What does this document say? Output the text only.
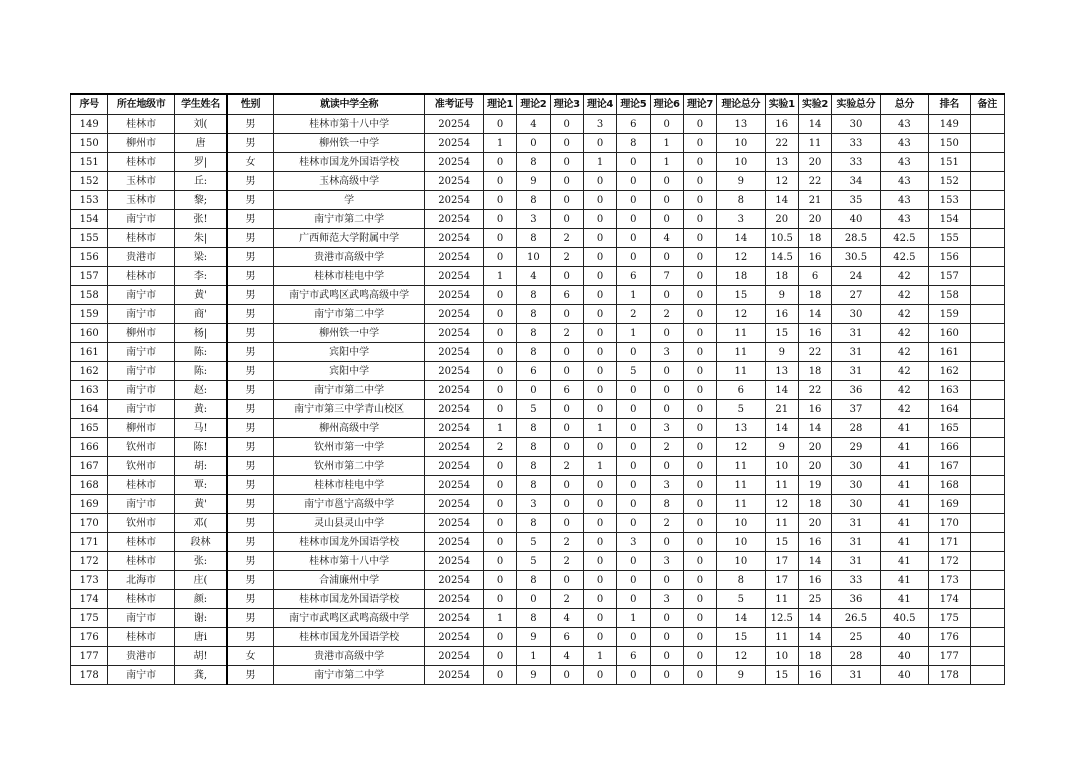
序号	所在地级市	学生姓名	性别	就读中学全称	准考证号	理论1	理论2	理论3	理论4	理论5	理论6	理论7	理论总分	实验1	实验2	实验总分	总分	排名	备注
149	桂林市	刘(	男	桂林市第十八中学	20254	0	4	0	3	6	0	0	13	16	14	30	43	149	
150	柳州市	唐	男	柳州铁一中学	20254	1	0	0	0	8	1	0	10	22	11	33	43	150	
151	桂林市	罗|	女	桂林市国龙外国语学校	20254	0	8	0	1	0	1	0	10	13	20	33	43	151	
152	玉林市	丘:	男	玉林高级中学	20254	0	9	0	0	0	0	0	9	12	22	34	43	152	
153	玉林市	黎;	男	学	20254	0	8	0	0	0	0	0	8	14	21	35	43	153	
154	南宁市	张!	男	南宁市第二中学	20254	0	3	0	0	0	0	0	3	20	20	40	43	154	
155	桂林市	朱|	男	广西师范大学附属中学	20254	0	8	2	0	0	4	0	14	10.5	18	28.5	42.5	155	
156	贵港市	梁:	男	贵港市高级中学	20254	0	10	2	0	0	0	0	12	14.5	16	30.5	42.5	156	
157	桂林市	李:	男	桂林市桂电中学	20254	1	4	0	0	6	7	0	18	18	6	24	42	157	
158	南宁市	黄'	男	南宁市武鸣区武鸣高级中学	20254	0	8	6	0	1	0	0	15	9	18	27	42	158	
159	南宁市	商'	男	南宁市第二中学	20254	0	8	0	0	2	2	0	12	16	14	30	42	159	
160	柳州市	杨|	男	柳州铁一中学	20254	0	8	2	0	1	0	0	11	15	16	31	42	160	
161	南宁市	陈:	男	宾阳中学	20254	0	8	0	0	0	3	0	11	9	22	31	42	161	
162	南宁市	陈:	男	宾阳中学	20254	0	6	0	0	5	0	0	11	13	18	31	42	162	
163	南宁市	赵:	男	南宁市第二中学	20254	0	0	6	0	0	0	0	6	14	22	36	42	163	
164	南宁市	黄:	男	南宁市第三中学青山校区	20254	0	5	0	0	0	0	0	5	21	16	37	42	164	
165	柳州市	马!	男	柳州高级中学	20254	1	8	0	1	0	3	0	13	14	14	28	41	165	
166	钦州市	陈!	男	钦州市第一中学	20254	2	8	0	0	0	2	0	12	9	20	29	41	166	
167	钦州市	胡:	男	钦州市第二中学	20254	0	8	2	1	0	0	0	11	10	20	30	41	167	
168	桂林市	覃:	男	桂林市桂电中学	20254	0	8	0	0	0	3	0	11	11	19	30	41	168	
169	南宁市	黄'	男	南宁市邕宁高级中学	20254	0	3	0	0	0	8	0	11	12	18	30	41	169	
170	钦州市	邓(	男	灵山县灵山中学	20254	0	8	0	0	0	2	0	10	11	20	31	41	170	
171	桂林市	段林	男	桂林市国龙外国语学校	20254	0	5	2	0	3	0	0	10	15	16	31	41	171	
172	桂林市	张:	男	桂林市第十八中学	20254	0	5	2	0	0	3	0	10	17	14	31	41	172	
173	北海市	庄(	男	合浦廉州中学	20254	0	8	0	0	0	0	0	8	17	16	33	41	173	
174	桂林市	颜:	男	桂林市国龙外国语学校	20254	0	0	2	0	0	3	0	5	11	25	36	41	174	
175	南宁市	谢:	男	南宁市武鸣区武鸣高级中学	20254	1	8	4	0	1	0	0	14	12.5	14	26.5	40.5	175	
176	桂林市	唐i	男	桂林市国龙外国语学校	20254	0	9	6	0	0	0	0	15	11	14	25	40	176	
177	贵港市	胡!	女	贵港市高级中学	20254	0	1	4	1	6	0	0	12	10	18	28	40	177	
178	南宁市	龚,	男	南宁市第二中学	20254	0	9	0	0	0	0	0	9	15	16	31	40	178	
